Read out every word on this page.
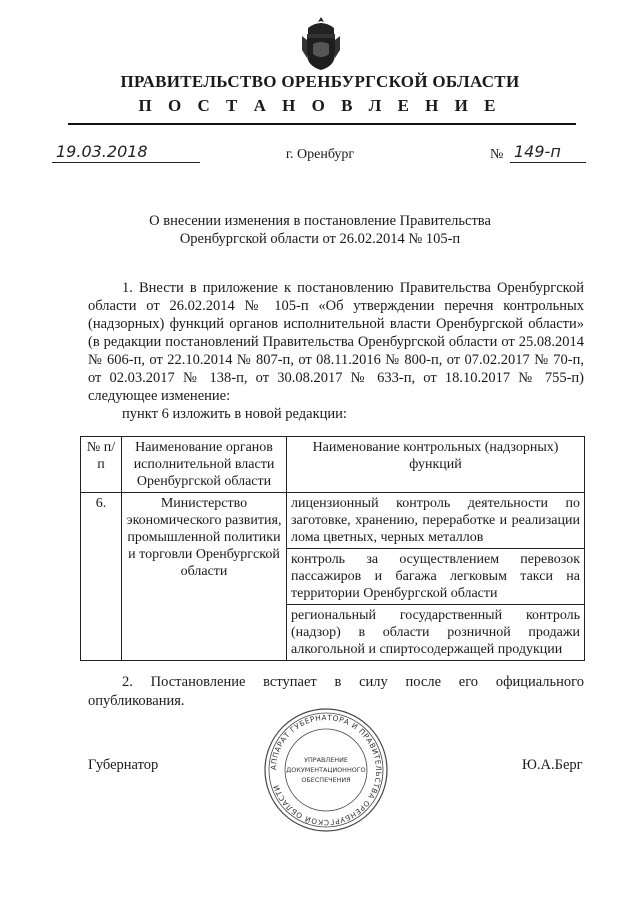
ПРАВИТЕЛЬСТВО ОРЕНБУРГСКОЙ ОБЛАСТИ
П О С Т А Н О В Л Е Н И Е
19.03.2018	г. Оренбург	№ 149-п
О внесении изменения в постановление Правительства
Оренбургской области от 26.02.2014 № 105-п
1. Внести в приложение к постановлению Правительства Оренбургской области от 26.02.2014 № 105-п «Об утверждении перечня контрольных (надзорных) функций органов исполнительной власти Оренбургской области» (в редакции постановлений Правительства Оренбургской области от 25.08.2014 № 606-п, от 22.10.2014 № 807-п, от 08.11.2016 № 800-п, от 07.02.2017 № 70-п, от 02.03.2017 № 138-п, от 30.08.2017 № 633-п, от 18.10.2017 № 755-п) следующее изменение:
пункт 6 изложить в новой редакции:
№ п/п	Наименование органов исполнительной власти Оренбургской области	Наименование контрольных (надзорных) функций
6.	Министерство экономического развития, промышленной политики и торговли Оренбургской области	лицензионный контроль деятельности по заготовке, хранению, переработке и реализации лома цветных, черных металлов
		контроль за осуществлением перевозок пассажиров и багажа легковым такси на территории Оренбургской области
		региональный государственный контроль (надзор) в области розничной продажи алкогольной и спиртосодержащей продукции
2. Постановление вступает в силу после его официального опубликования.
Губернатор	Ю.А.Берг
АППАРАТ ГУБЕРНАТОРА И ПРАВИТЕЛЬСТВА ОРЕНБУРГСКОЙ ОБЛАСТИ
УПРАВЛЕНИЕ
ДОКУМЕНТАЦИОННОГО
ОБЕСПЕЧЕНИЯ
